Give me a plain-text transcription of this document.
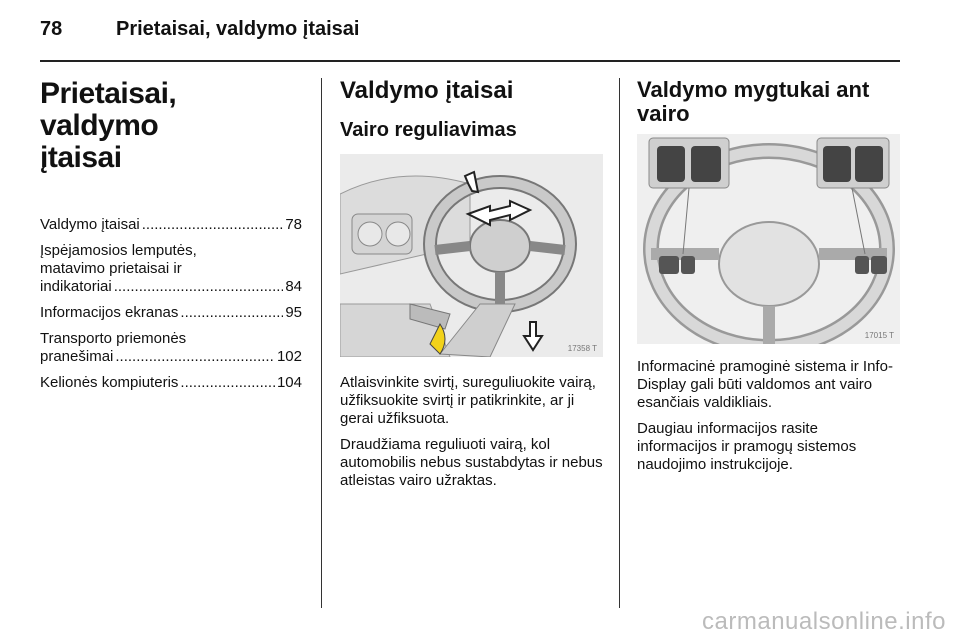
78	Prietaisai, valdymo įtaisai
Prietaisai, valdymo
įtaisai
Valdymo įtaisai .....	78
Įspėjamosios lemputės,
matavimo prietaisai ir
indikatoriai .....	84
Informacijos ekranas .....	95
Transporto priemonės
pranešimai .....	102
Kelionės kompiuteris .....	104
Valdymo įtaisai
Vairo reguliavimas
17358 T

Atlaisvinkite svirtį, sureguliuokite vairą, užfiksuokite svirtį ir patikrinkite, ar ji gerai užfiksuota.

Draudžiama reguliuoti vairą, kol automobilis nebus sustabdytas ir nebus atleistas vairo užraktas.

Valdymo mygtukai ant vairo
17015 T

Informacinė pramoginė sistema ir Info-Display gali būti valdomos ant vairo esančiais valdikliais.

Daugiau informacijos rasite informacijos ir pramogų sistemos naudojimo instrukcijoje.

carmanualsonline.info
